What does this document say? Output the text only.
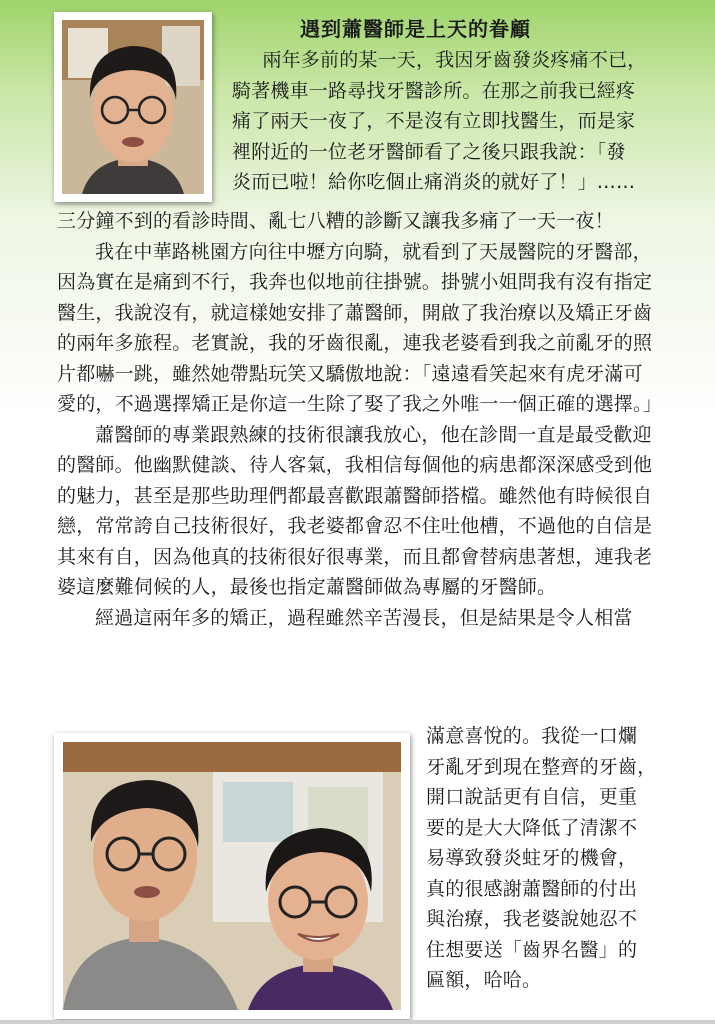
遇到蕭醫師是上天的眷顧
兩年多前的某一天，我因牙齒發炎疼痛不已，
騎著機車一路尋找牙醫診所。在那之前我已經疼
痛了兩天一夜了，不是沒有立即找醫生，而是家
裡附近的一位老牙醫師看了之後只跟我說：「發
炎而已啦！給你吃個止痛消炎的就好了！」……

三分鐘不到的看診時間、亂七八糟的診斷又讓我多痛了一天一夜！

我在中華路桃園方向往中壢方向騎，就看到了天晟醫院的牙醫部，因為實在是痛到不行，我奔也似地前往掛號。掛號小姐問我有沒有指定醫生，我說沒有，就這樣她安排了蕭醫師，開啟了我治療以及矯正牙齒的兩年多旅程。老實說，我的牙齒很亂，連我老婆看到我之前亂牙的照片都嚇一跳，雖然她帶點玩笑又驕傲地說：「遠遠看笑起來有虎牙滿可愛的，不過選擇矯正是你這一生除了娶了我之外唯一一個正確的選擇。」

蕭醫師的專業跟熟練的技術很讓我放心，他在診間一直是最受歡迎的醫師。他幽默健談、待人客氣，我相信每個他的病患都深深感受到他的魅力，甚至是那些助理們都最喜歡跟蕭醫師搭檔。雖然他有時候很自戀，常常誇自己技術很好，我老婆都會忍不住吐他槽，不過他的自信是其來有自，因為他真的技術很好很專業，而且都會替病患著想，連我老婆這麼難伺候的人，最後也指定蕭醫師做為專屬的牙醫師。

經過這兩年多的矯正，過程雖然辛苦漫長，但是結果是令人相當

滿意喜悅的。我從一口爛
牙亂牙到現在整齊的牙齒，
開口說話更有自信，更重
要的是大大降低了清潔不
易導致發炎蛀牙的機會，
真的很感謝蕭醫師的付出
與治療，我老婆說她忍不
住想要送「齒界名醫」的
匾額，哈哈。
